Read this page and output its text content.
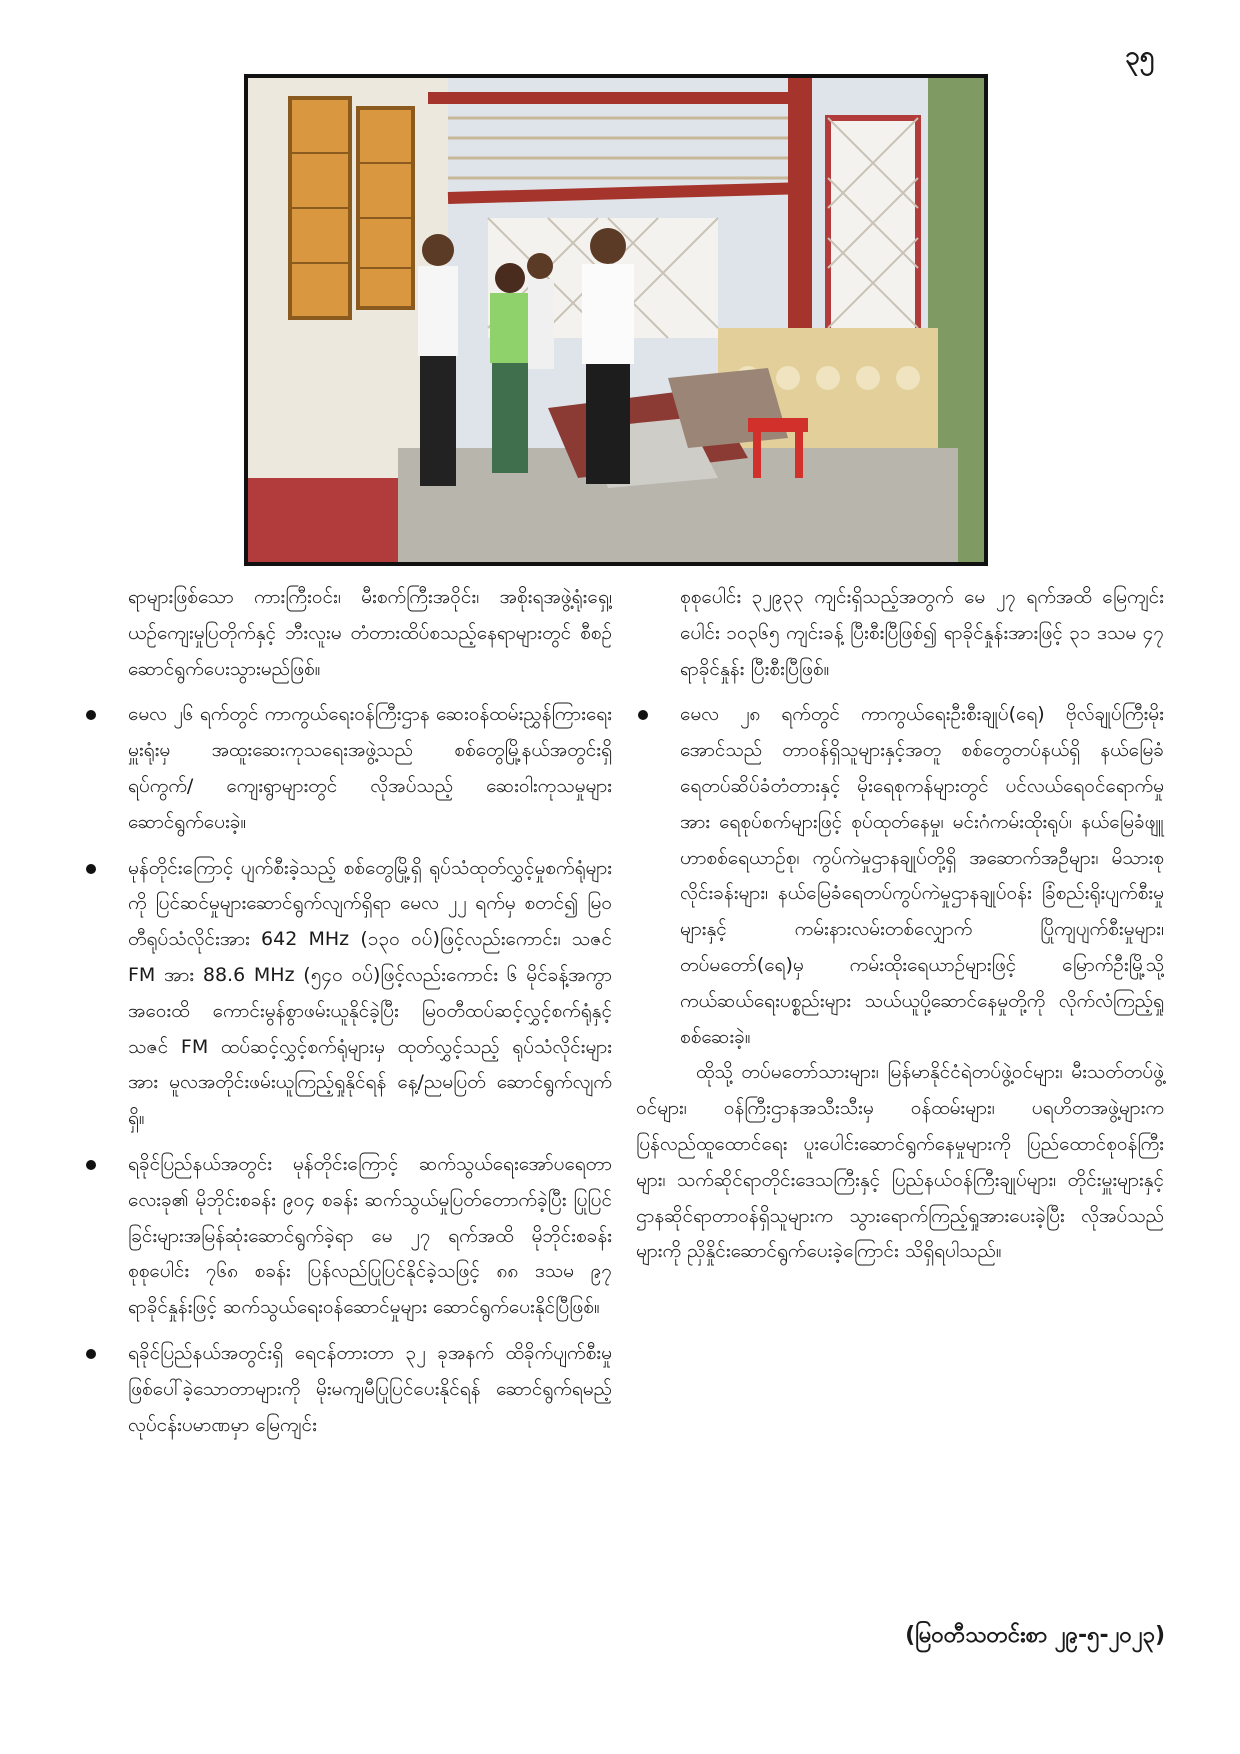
၃၅

ရာများဖြစ်သော ကားကြီးဝင်း၊ မီးစက်ကြီးအဝိုင်း၊ အစိုးရအဖွဲ့ရုံးရှေ့၊ ယဉ်ကျေးမှုပြတိုက်နှင့် ဘီးလူးမ တံတားထိပ်စသည့်နေရာများတွင် စီစဉ်ဆောင်ရွက်ပေးသွားမည်ဖြစ်။

မေလ ၂၆ ရက်တွင် ကာကွယ်ရေးဝန်ကြီးဌာန ဆေးဝန်ထမ်းညွှန်ကြားရေးမှူးရုံးမှ အထူးဆေးကုသရေးအဖွဲ့သည် စစ်တွေမြို့နယ်အတွင်းရှိ ရပ်ကွက်/ ကျေးရွာများတွင် လိုအပ်သည့် ဆေးဝါးကုသမှုများ ဆောင်ရွက်ပေးခဲ့။

မုန်တိုင်းကြောင့် ပျက်စီးခဲ့သည့် စစ်တွေမြို့ရှိ ရုပ်သံထုတ်လွှင့်မှုစက်ရုံများကို ပြင်ဆင်မှုများဆောင်ရွက်လျက်ရှိရာ မေလ ၂၂ ရက်မှ စတင်၍ မြဝတီရုပ်သံလိုင်းအား 642 MHz (၁၃၀ ဝပ်)ဖြင့်လည်းကောင်း၊ သဇင် FM အား 88.6 MHz (၅၄၀ ဝပ်)ဖြင့်လည်းကောင်း ၆ မိုင်ခန့်အကွာအဝေးထိ ကောင်းမွန်စွာဖမ်းယူနိုင်ခဲ့ပြီး မြဝတီထပ်ဆင့်လွှင့်စက်ရုံနှင့် သဇင် FM ထပ်ဆင့်လွှင့်စက်ရုံများမှ ထုတ်လွှင့်သည့် ရုပ်သံလိုင်းများအား မူလအတိုင်းဖမ်းယူကြည့်ရှုနိုင်ရန် နေ့/ညမပြတ် ဆောင်ရွက်လျက်ရှိ။

ရခိုင်ပြည်နယ်အတွင်း မုန်တိုင်းကြောင့် ဆက်သွယ်ရေးအော်ပရေတာလေးခု၏ မိုဘိုင်းစခန်း ၉၀၄ စခန်း ဆက်သွယ်မှုပြတ်တောက်ခဲ့ပြီး ပြုပြင်ခြင်းများအမြန်ဆုံးဆောင်ရွက်ခဲ့ရာ မေ ၂၇ ရက်အထိ မိုဘိုင်းစခန်းစုစုပေါင်း ၇၆၈ စခန်း ပြန်လည်ပြုပြင်နိုင်ခဲ့သဖြင့် ၈၈ ဒသမ ၉၇ ရာခိုင်နှုန်းဖြင့် ဆက်သွယ်ရေးဝန်ဆောင်မှုများ ဆောင်ရွက်ပေးနိုင်ပြီဖြစ်။

ရခိုင်ပြည်နယ်အတွင်းရှိ ရေငန်တားတာ ၃၂ ခုအနက် ထိခိုက်ပျက်စီးမှုဖြစ်ပေါ်ခဲ့သောတာများကို မိုးမကျမီပြုပြင်ပေးနိုင်ရန် ဆောင်ရွက်ရမည့်လုပ်ငန်းပမာဏမှာ မြေကျင်း

စုစုပေါင်း ၃၂၉၃၃ ကျင်းရှိသည့်အတွက် မေ ၂၇ ရက်အထိ မြေကျင်းပေါင်း ၁၀၃၆၅ ကျင်းခန့် ပြီးစီးပြီဖြစ်၍ ရာခိုင်နှုန်းအားဖြင့် ၃၁ ဒသမ ၄၇ ရာခိုင်နှုန်း ပြီးစီးပြီဖြစ်။

မေလ ၂၈ ရက်တွင် ကာကွယ်ရေးဦးစီးချုပ်(ရေ) ဗိုလ်ချုပ်ကြီးမိုးအောင်သည် တာဝန်ရှိသူများနှင့်အတူ စစ်တွေတပ်နယ်ရှိ နယ်မြေခံရေတပ်ဆိပ်ခံတံတားနှင့် မိုးရေစုကန်များတွင် ပင်လယ်ရေဝင်ရောက်မှုအား ရေစုပ်စက်များဖြင့် စုပ်ထုတ်နေမှု၊ မင်းဂံကမ်းထိုးရုပ်၊ နယ်မြေခံဖျူဟာစစ်ရေယာဉ်စု၊ ကွပ်ကဲမှုဌာနချုပ်တို့ရှိ အဆောက်အဦများ၊ မိသားစုလိုင်းခန်းများ၊ နယ်မြေခံရေတပ်ကွပ်ကဲမှုဌာနချုပ်ဝန်း ခြံစည်းရိုးပျက်စီးမှုများနှင့် ကမ်းနားလမ်းတစ်လျှောက် ပြိုကျပျက်စီးမှုများ၊ တပ်မတော်(ရေ)မှ ကမ်းထိုးရေယာဉ်များဖြင့် မြောက်ဦးမြို့သို့ ကယ်ဆယ်ရေးပစ္စည်းများ သယ်ယူပို့ဆောင်နေမှုတို့ကို လိုက်လံကြည့်ရှုစစ်ဆေးခဲ့။

ထိုသို့ တပ်မတော်သားများ၊ မြန်မာနိုင်ငံရဲတပ်ဖွဲ့ဝင်များ၊ မီးသတ်တပ်ဖွဲ့ဝင်များ၊ ဝန်ကြီးဌာနအသီးသီးမှ ဝန်ထမ်းများ၊ ပရဟိတအဖွဲ့များက ပြန်လည်ထူထောင်ရေး ပူးပေါင်းဆောင်ရွက်နေမှုများကို ပြည်ထောင်စုဝန်ကြီးများ၊ သက်ဆိုင်ရာတိုင်းဒေသကြီးနှင့် ပြည်နယ်ဝန်ကြီးချုပ်များ၊ တိုင်းမှူးများနှင့် ဌာနဆိုင်ရာတာဝန်ရှိသူများက သွားရောက်ကြည့်ရှုအားပေးခဲ့ပြီး လိုအပ်သည်များကို ညှိနှိုင်းဆောင်ရွက်ပေးခဲ့ကြောင်း သိရှိရပါသည်။

(မြဝတီသတင်းစာ ၂၉-၅-၂၀၂၃)
